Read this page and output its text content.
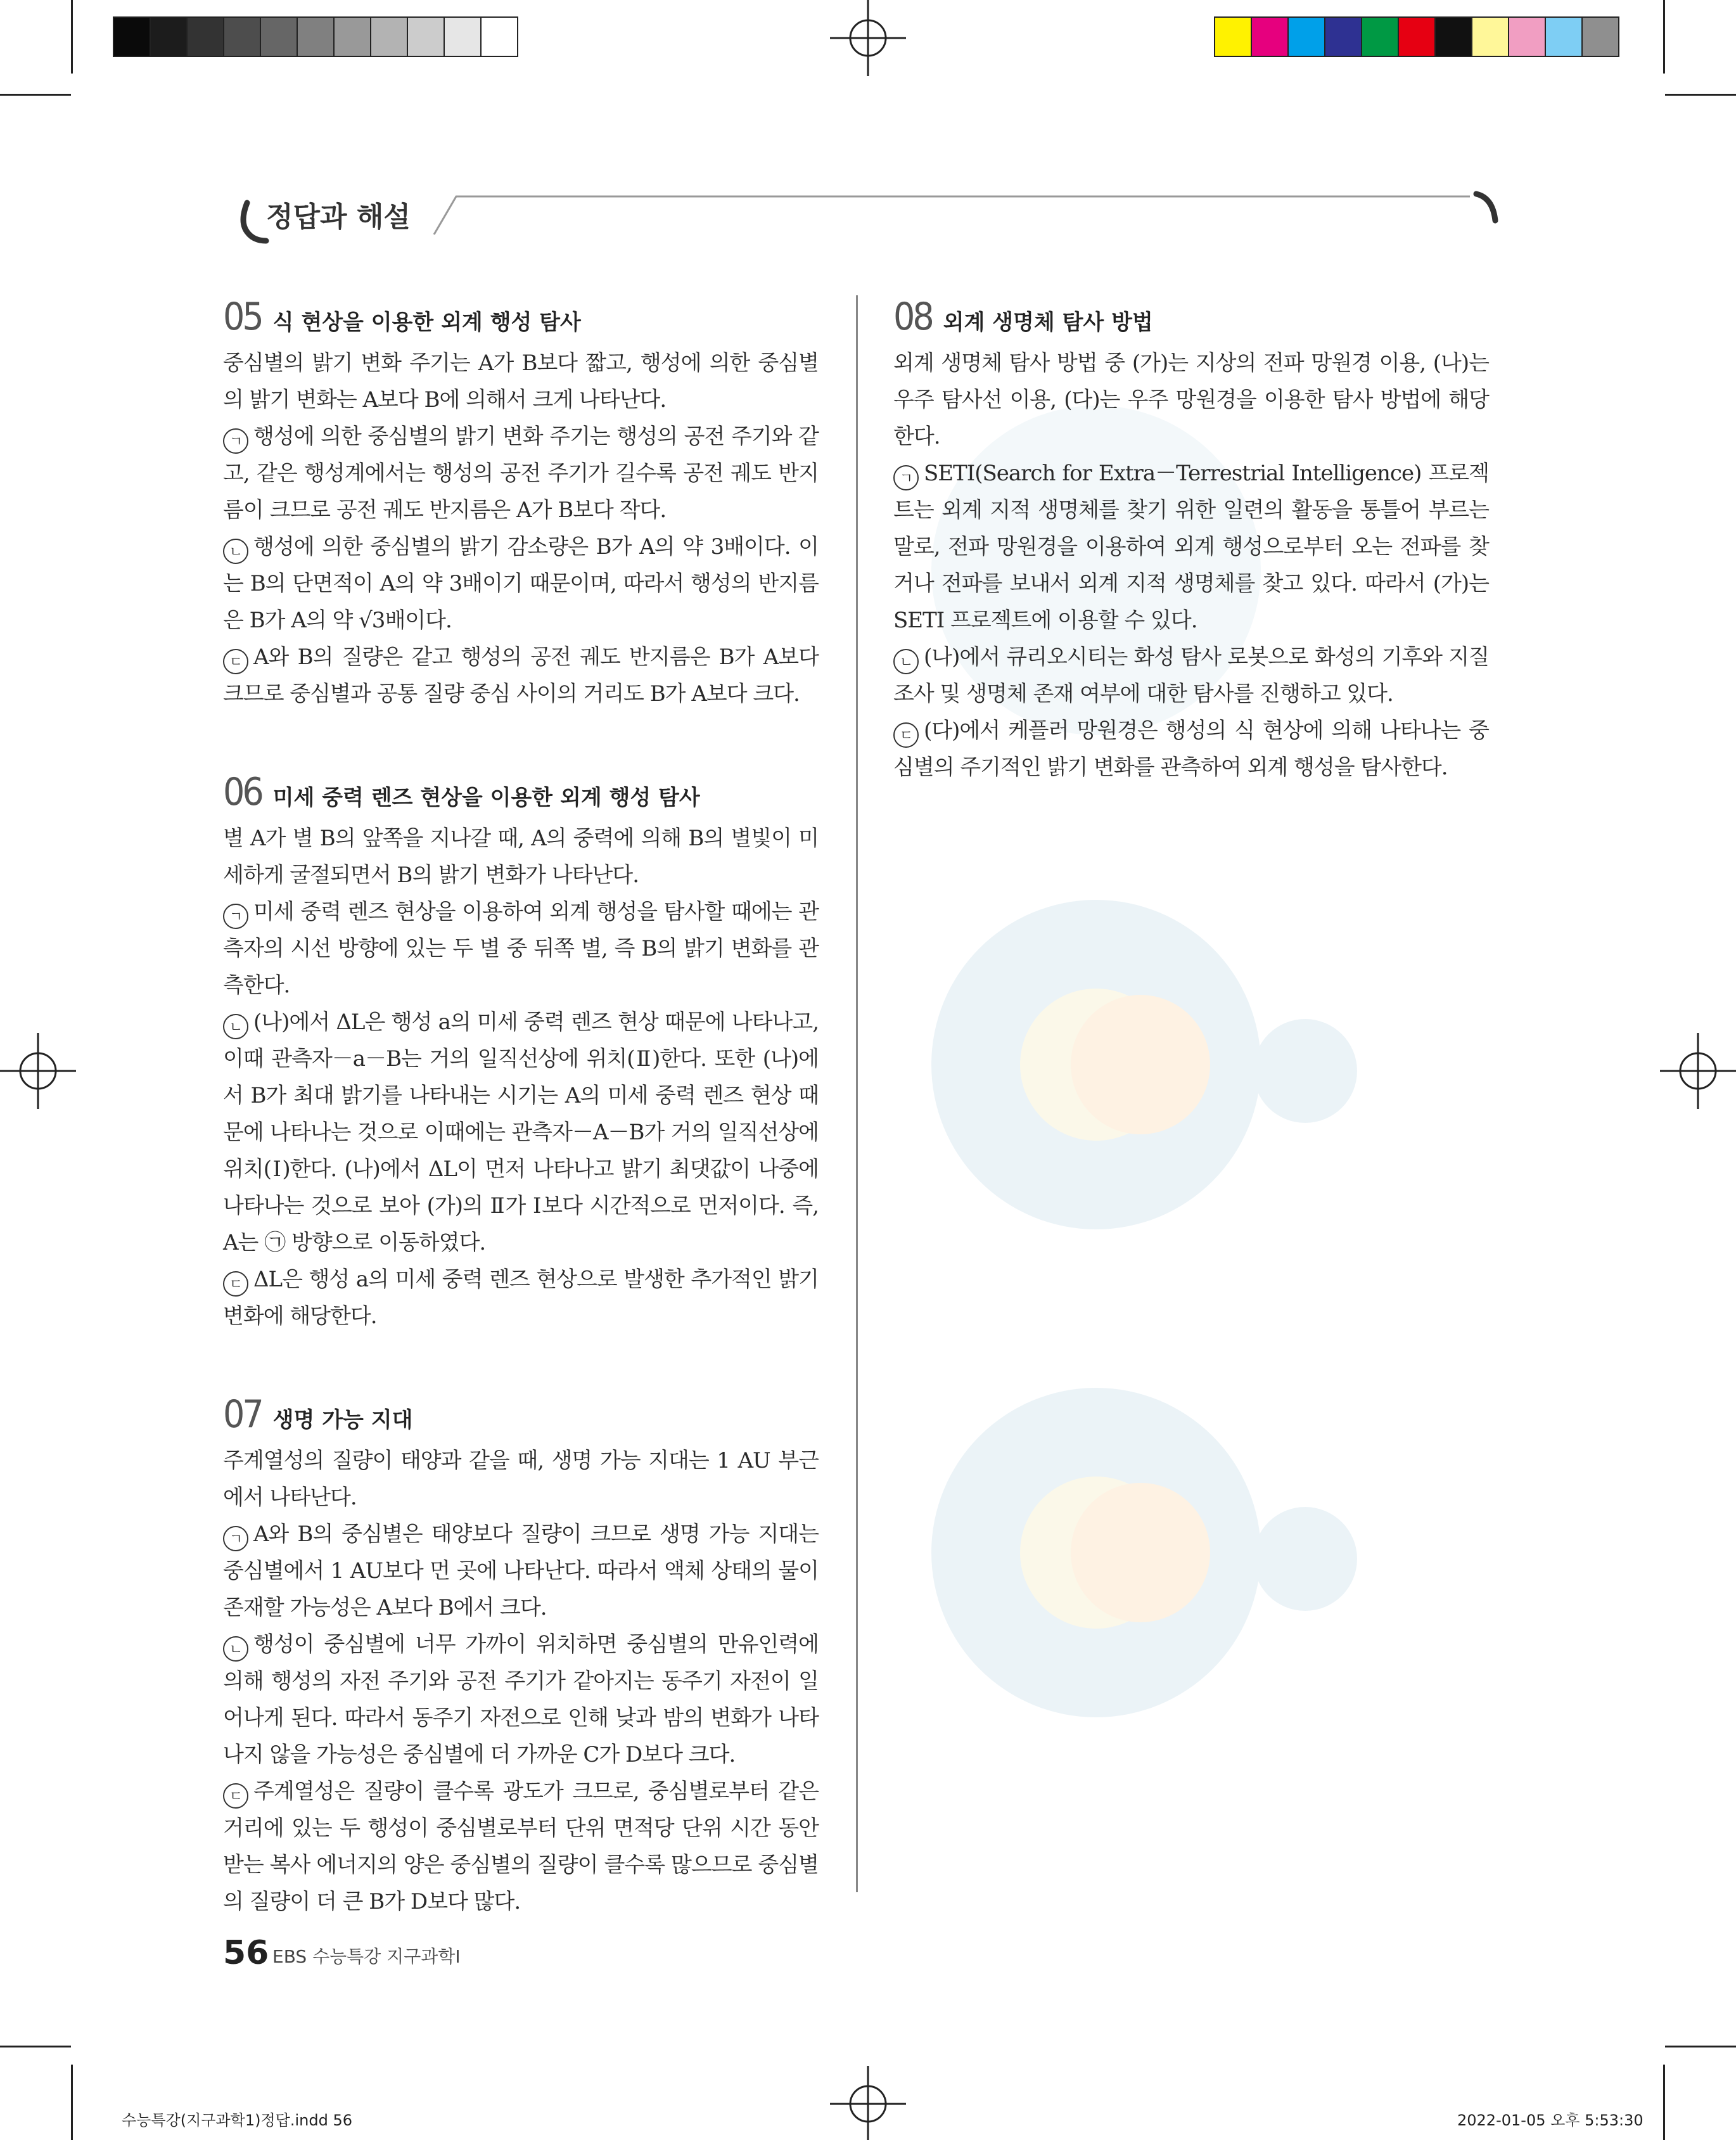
정답과 해설
05 식 현상을 이용한 외계 행성 탐사

중심별의 밝기 변화 주기는 A가 B보다 짧고, 행성에 의한 중심별의 밝기 변화는 A보다 B에 의해서 크게 나타난다.

ㄱ 행성에 의한 중심별의 밝기 변화 주기는 행성의 공전 주기와 같고, 같은 행성계에서는 행성의 공전 주기가 길수록 공전 궤도 반지름이 크므로 공전 궤도 반지름은 A가 B보다 작다.

ㄴ 행성에 의한 중심별의 밝기 감소량은 B가 A의 약 3배이다. 이는 B의 단면적이 A의 약 3배이기 때문이며, 따라서 행성의 반지름은 B가 A의 약 √3배이다.

ㄷ A와 B의 질량은 같고 행성의 공전 궤도 반지름은 B가 A보다 크므로 중심별과 공통 질량 중심 사이의 거리도 B가 A보다 크다.

06 미세 중력 렌즈 현상을 이용한 외계 행성 탐사

별 A가 별 B의 앞쪽을 지나갈 때, A의 중력에 의해 B의 별빛이 미세하게 굴절되면서 B의 밝기 변화가 나타난다.

ㄱ 미세 중력 렌즈 현상을 이용하여 외계 행성을 탐사할 때에는 관측자의 시선 방향에 있는 두 별 중 뒤쪽 별, 즉 B의 밝기 변화를 관측한다.

ㄴ (나)에서 ΔL은 행성 a의 미세 중력 렌즈 현상 때문에 나타나고, 이때 관측자－a－B는 거의 일직선상에 위치(Ⅱ)한다. 또한 (나)에서 B가 최대 밝기를 나타내는 시기는 A의 미세 중력 렌즈 현상 때문에 나타나는 것으로 이때에는 관측자－A－B가 거의 일직선상에 위치(Ⅰ)한다. (나)에서 ΔL이 먼저 나타나고 밝기 최댓값이 나중에 나타나는 것으로 보아 (가)의 Ⅱ가 Ⅰ보다 시간적으로 먼저이다. 즉, A는 ㉠ 방향으로 이동하였다.

ㄷ ΔL은 행성 a의 미세 중력 렌즈 현상으로 발생한 추가적인 밝기 변화에 해당한다.

07 생명 가능 지대

주계열성의 질량이 태양과 같을 때, 생명 가능 지대는 1 AU 부근에서 나타난다.

ㄱ A와 B의 중심별은 태양보다 질량이 크므로 생명 가능 지대는 중심별에서 1 AU보다 먼 곳에 나타난다. 따라서 액체 상태의 물이 존재할 가능성은 A보다 B에서 크다.

ㄴ 행성이 중심별에 너무 가까이 위치하면 중심별의 만유인력에 의해 행성의 자전 주기와 공전 주기가 같아지는 동주기 자전이 일어나게 된다. 따라서 동주기 자전으로 인해 낮과 밤의 변화가 나타나지 않을 가능성은 중심별에 더 가까운 C가 D보다 크다.

ㄷ 주계열성은 질량이 클수록 광도가 크므로, 중심별로부터 같은 거리에 있는 두 행성이 중심별로부터 단위 면적당 단위 시간 동안 받는 복사 에너지의 양은 중심별의 질량이 클수록 많으므로 중심별의 질량이 더 큰 B가 D보다 많다.

08 외계 생명체 탐사 방법

외계 생명체 탐사 방법 중 (가)는 지상의 전파 망원경 이용, (나)는 우주 탐사선 이용, (다)는 우주 망원경을 이용한 탐사 방법에 해당한다.

ㄱ SETI(Search for Extra－Terrestrial Intelligence) 프로젝트는 외계 지적 생명체를 찾기 위한 일련의 활동을 통틀어 부르는 말로, 전파 망원경을 이용하여 외계 행성으로부터 오는 전파를 찾거나 전파를 보내서 외계 지적 생명체를 찾고 있다. 따라서 (가)는 SETI 프로젝트에 이용할 수 있다.

ㄴ (나)에서 큐리오시티는 화성 탐사 로봇으로 화성의 기후와 지질 조사 및 생명체 존재 여부에 대한 탐사를 진행하고 있다.

ㄷ (다)에서 케플러 망원경은 행성의 식 현상에 의해 나타나는 중심별의 주기적인 밝기 변화를 관측하여 외계 행성을 탐사한다.

56 EBS 수능특강 지구과학Ⅰ
수능특강(지구과학1)정답.indd 56	2022-01-05 오후 5:53:30
